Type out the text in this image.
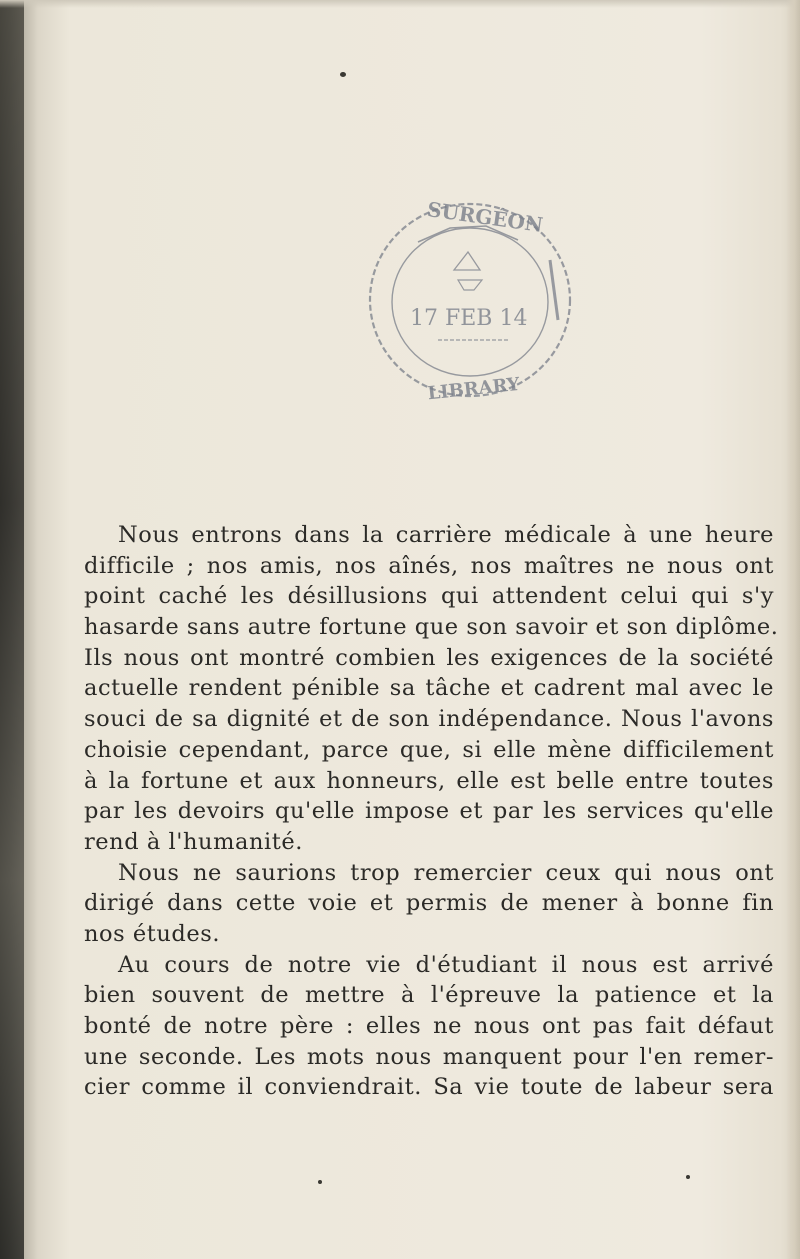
SURGÉON
17 FEB 14
LIBRARY
Nous entrons dans la carrière médicale à une heure
difficile ; nos amis, nos aînés, nos maîtres ne nous ont
point caché les désillusions qui attendent celui qui s'y
hasarde sans autre fortune que son savoir et son diplôme.
Ils nous ont montré combien les exigences de la société
actuelle rendent pénible sa tâche et cadrent mal avec le
souci de sa dignité et de son indépendance. Nous l'avons
choisie cependant, parce que, si elle mène difficilement
à la fortune et aux honneurs, elle est belle entre toutes
par les devoirs qu'elle impose et par les services qu'elle
rend à l'humanité.
Nous ne saurions trop remercier ceux qui nous ont
dirigé dans cette voie et permis de mener à bonne fin
nos études.
Au cours de notre vie d'étudiant il nous est arrivé
bien souvent de mettre à l'épreuve la patience et la
bonté de notre père : elles ne nous ont pas fait défaut
une seconde. Les mots nous manquent pour l'en remer-
cier comme il conviendrait. Sa vie toute de labeur sera
